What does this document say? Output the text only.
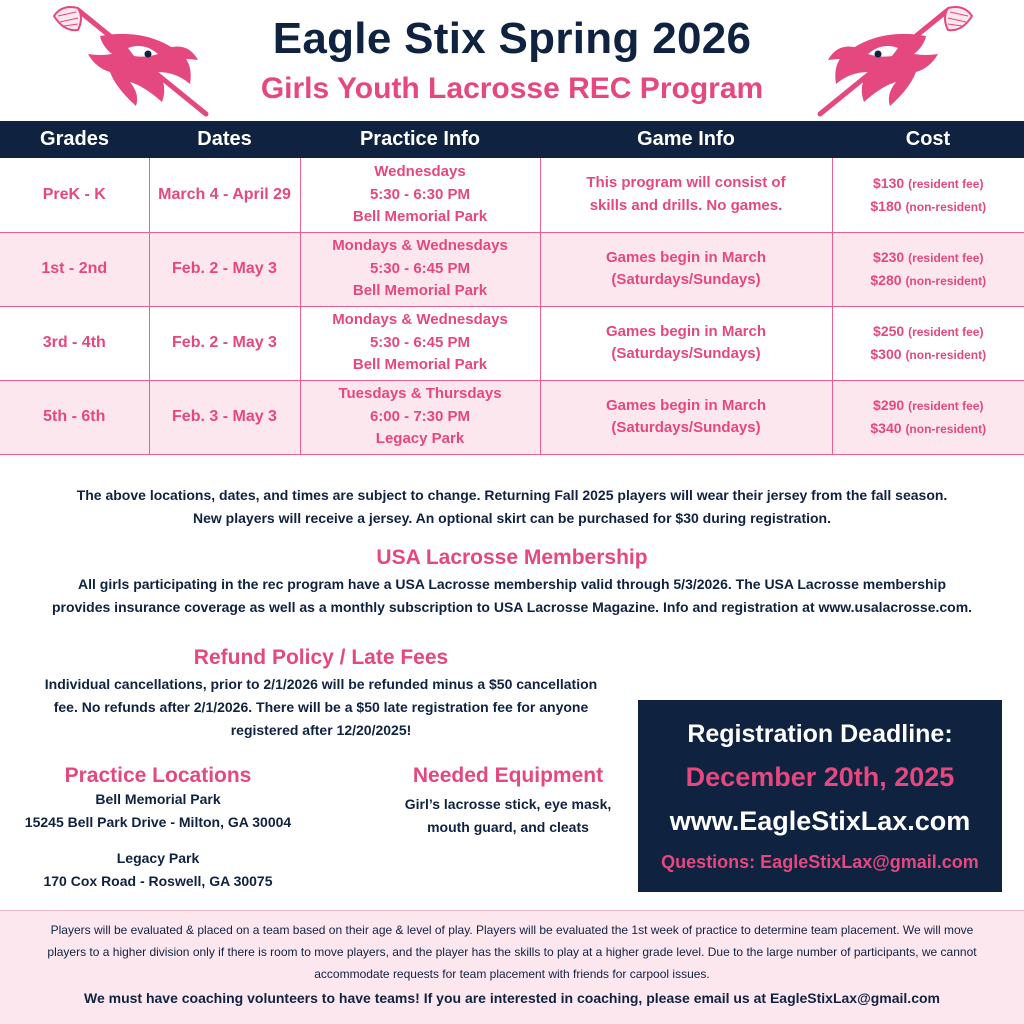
Eagle Stix Spring 2026
Girls Youth Lacrosse REC Program
Grades	Dates	Practice Info	Game Info	Cost
PreK - K	March 4 - April 29	Wednesdays
5:30 - 6:30 PM
Bell Memorial Park	This program will consist of
skills and drills. No games.	$130 (resident fee)
$180 (non-resident)

1st - 2nd	Feb. 2 - May 3	Mondays & Wednesdays
5:30 - 6:45 PM
Bell Memorial Park	Games begin in March
(Saturdays/Sundays)	$230 (resident fee)
$280 (non-resident)

3rd - 4th	Feb. 2 - May 3	Mondays & Wednesdays
5:30 - 6:45 PM
Bell Memorial Park	Games begin in March
(Saturdays/Sundays)	$250 (resident fee)
$300 (non-resident)

5th - 6th	Feb. 3 - May 3	Tuesdays & Thursdays
6:00 - 7:30 PM
Legacy Park	Games begin in March
(Saturdays/Sundays)	$290 (resident fee)
$340 (non-resident)
The above locations, dates, and times are subject to change. Returning Fall 2025 players will wear their jersey from the fall season.
New players will receive a jersey. An optional skirt can be purchased for $30 during registration.
USA Lacrosse Membership

All girls participating in the rec program have a USA Lacrosse membership valid through 5/3/2026. The USA Lacrosse membership
provides insurance coverage as well as a monthly subscription to USA Lacrosse Magazine. Info and registration at www.usalacrosse.com.

Refund Policy / Late Fees

Individual cancellations, prior to 2/1/2026 will be refunded minus a $50 cancellation
fee. No refunds after 2/1/2026. There will be a $50 late registration fee for anyone
registered after 12/20/2025!

Practice Locations
Bell Memorial Park
15245 Bell Park Drive - Milton, GA 30004
Legacy Park
170 Cox Road - Roswell, GA 30075
Needed Equipment

Girl’s lacrosse stick, eye mask,
mouth guard, and cleats

Registration Deadline:
December 20th, 2025
www.EagleStixLax.com
Questions: EagleStixLax@gmail.com

Players will be evaluated & placed on a team based on their age & level of play. Players will be evaluated the 1st week of practice to determine team placement. We will move
players to a higher division only if there is room to move players, and the player has the skills to play at a higher grade level. Due to the large number of participants, we cannot
accommodate requests for team placement with friends for carpool issues.

We must have coaching volunteers to have teams! If you are interested in coaching, please email us at EagleStixLax@gmail.com
